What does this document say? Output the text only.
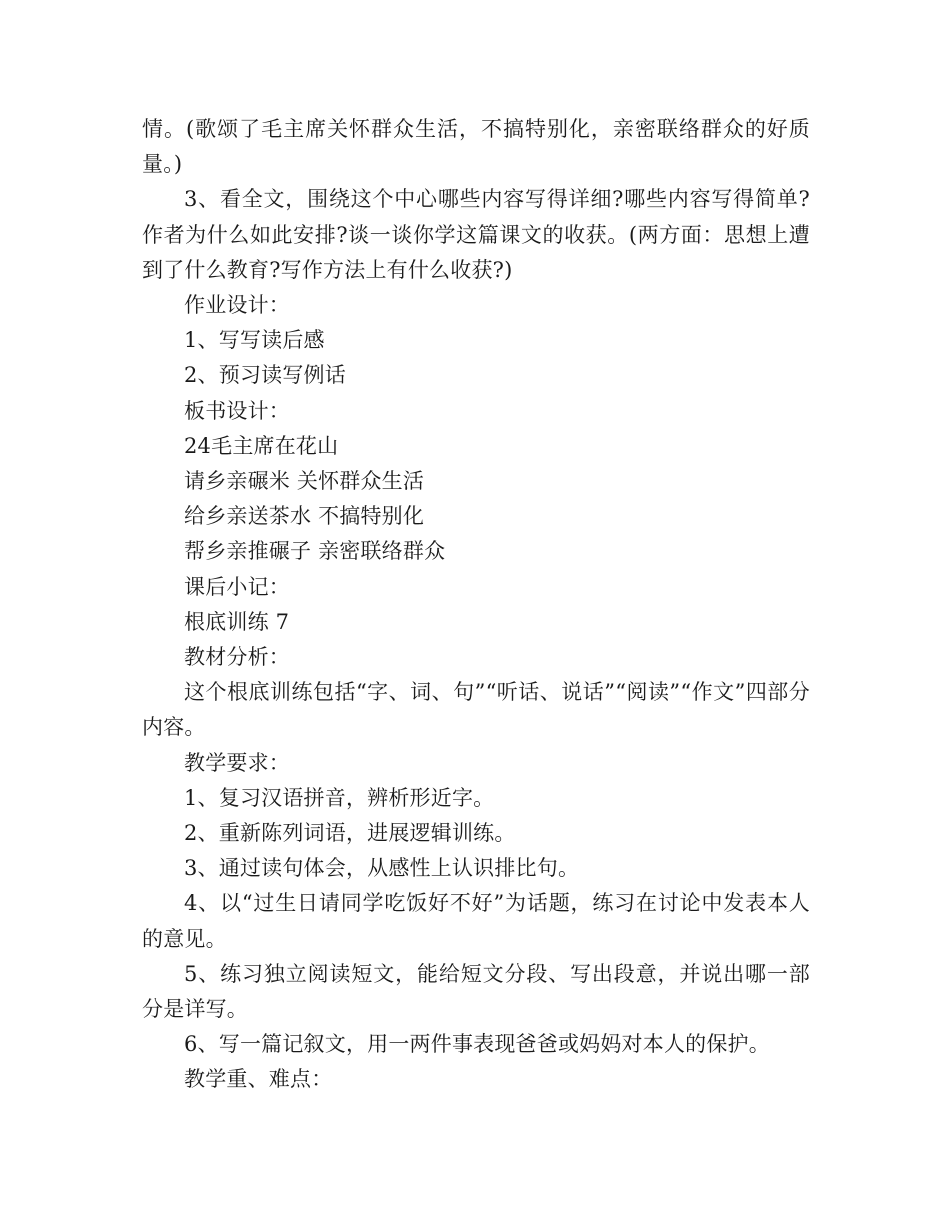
情。(歌颂了毛主席关怀群众生活，不搞特别化，亲密联络群众的好质量。)

3、看全文，围绕这个中心哪些内容写得详细?哪些内容写得简单?作者为什么如此安排?谈一谈你学这篇课文的收获。(两方面：思想上遭到了什么教育?写作方法上有什么收获?)

作业设计：

1、写写读后感

2、预习读写例话

板书设计：

24毛主席在花山

请乡亲碾米 关怀群众生活

给乡亲送茶水 不搞特别化

帮乡亲推碾子 亲密联络群众

课后小记：

根底训练 7

教材分析：

这个根底训练包括“字、词、句”“听话、说话”“阅读”“作文”四部分内容。

教学要求：

1、复习汉语拼音，辨析形近字。

2、重新陈列词语，进展逻辑训练。

3、通过读句体会，从感性上认识排比句。

4、以“过生日请同学吃饭好不好”为话题，练习在讨论中发表本人的意见。

5、练习独立阅读短文，能给短文分段、写出段意，并说出哪一部分是详写。

6、写一篇记叙文，用一两件事表现爸爸或妈妈对本人的保护。

教学重、难点：
